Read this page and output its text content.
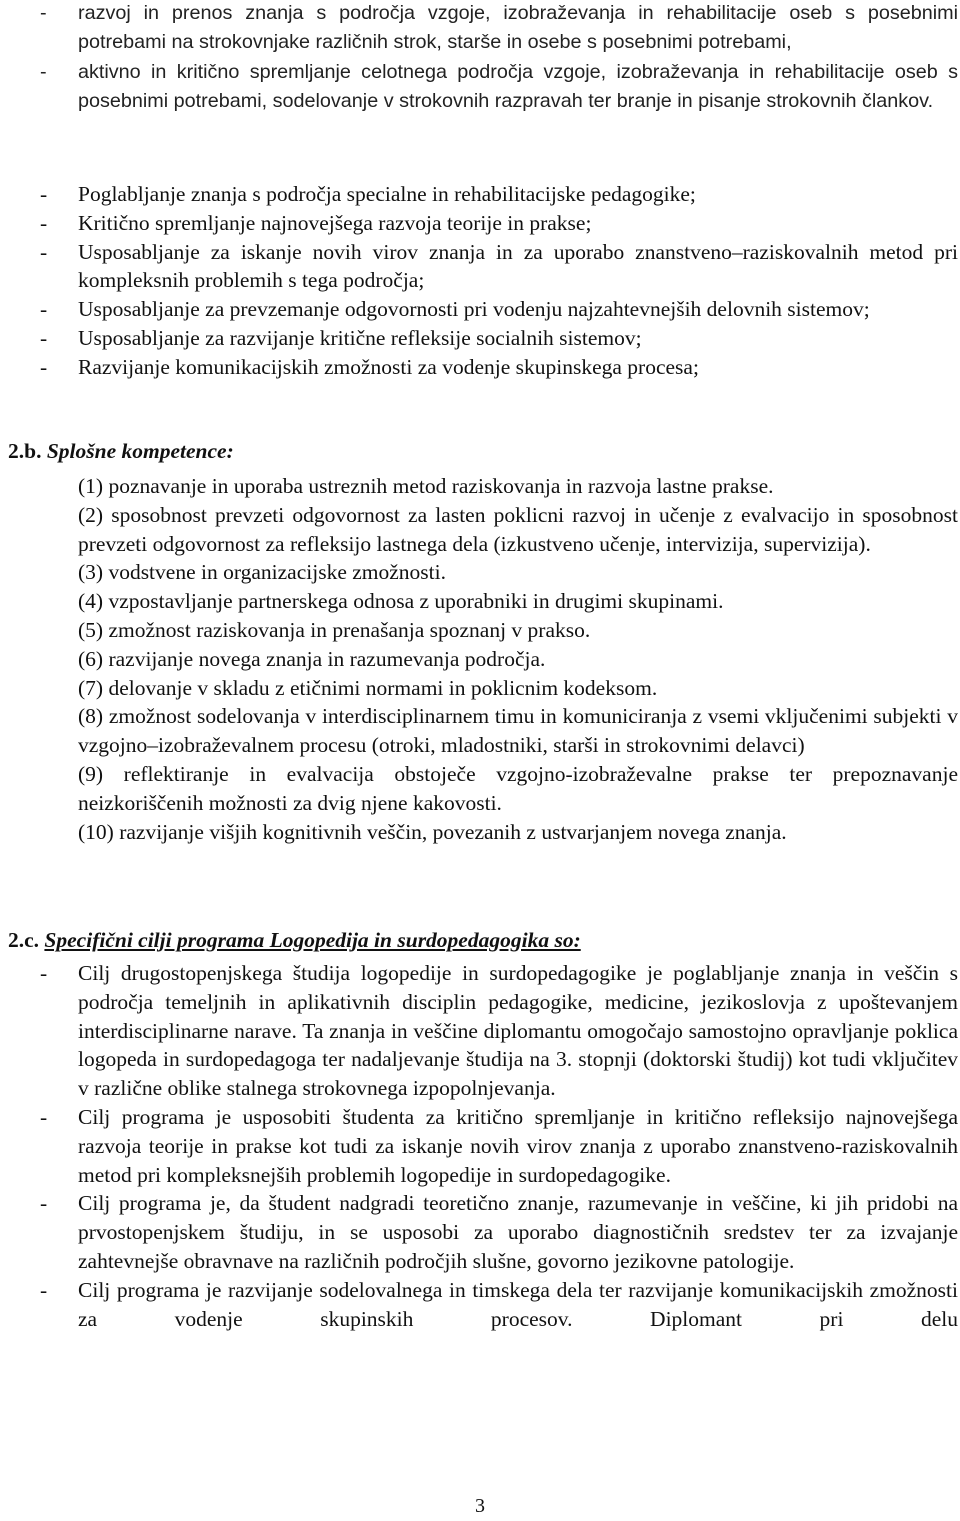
- razvoj in prenos znanja s področja vzgoje, izobraževanja in rehabilitacije oseb s posebnimi potrebami na strokovnjake različnih strok, starše in osebe s posebnimi potrebami,
- aktivno in kritično spremljanje celotnega področja vzgoje, izobraževanja in rehabilitacije oseb s posebnimi potrebami, sodelovanje v strokovnih razpravah ter branje in pisanje strokovnih člankov.
- Poglabljanje znanja s področja specialne in rehabilitacijske pedagogike;
- Kritično spremljanje najnovejšega razvoja teorije in prakse;
- Usposabljanje za iskanje novih virov znanja in za uporabo znanstveno–raziskovalnih metod pri kompleksnih problemih s tega področja;
- Usposabljanje za prevzemanje odgovornosti pri vodenju najzahtevnejših delovnih sistemov;
- Usposabljanje za razvijanje kritične refleksije socialnih sistemov;
- Razvijanje komunikacijskih zmožnosti za vodenje skupinskega procesa;
2.b. Splošne kompetence:
(1) poznavanje in uporaba ustreznih metod raziskovanja in razvoja lastne prakse.
(2) sposobnost prevzeti odgovornost za lasten poklicni razvoj in učenje z evalvacijo in sposobnost prevzeti odgovornost za refleksijo lastnega dela (izkustveno učenje, intervizija, supervizija).
(3) vodstvene in organizacijske zmožnosti.
(4) vzpostavljanje partnerskega odnosa z uporabniki in drugimi skupinami.
(5) zmožnost raziskovanja in prenašanja spoznanj v prakso.
(6) razvijanje novega znanja in razumevanja področja.
(7) delovanje v skladu z etičnimi normami in poklicnim kodeksom.
(8) zmožnost sodelovanja v interdisciplinarnem timu in komuniciranja z vsemi vključenimi subjekti v vzgojno–izobraževalnem procesu (otroki, mladostniki, starši in strokovnimi delavci)
(9) reflektiranje in evalvacija obstoječe vzgojno-izobraževalne prakse ter prepoznavanje neizkoriščenih možnosti za dvig njene kakovosti.
(10) razvijanje višjih kognitivnih veščin, povezanih z ustvarjanjem novega znanja.
2.c. Specifični cilji programa Logopedija in surdopedagogika so:
- Cilj drugostopenjskega študija logopedije in surdopedagogike je poglabljanje znanja in veščin s področja temeljnih in aplikativnih disciplin pedagogike, medicine, jezikoslovja z upoštevanjem interdisciplinarne narave. Ta znanja in veščine diplomantu omogočajo samostojno opravljanje poklica logopeda in surdopedagoga ter nadaljevanje študija na 3. stopnji (doktorski študij) kot tudi vključitev v različne oblike stalnega strokovnega izpopolnjevanja.
- Cilj programa je usposobiti študenta za kritično spremljanje in kritično refleksijo najnovejšega razvoja teorije in prakse kot tudi za iskanje novih virov znanja z uporabo znanstveno-raziskovalnih metod pri kompleksnejših problemih logopedije in surdopedagogike.
- Cilj programa je, da študent nadgradi teoretično znanje, razumevanje in veščine, ki jih pridobi na prvostopenjskem študiju, in se usposobi za uporabo diagnostičnih sredstev ter za izvajanje zahtevnejše obravnave na različnih področjih slušne, govorno jezikovne patologije.
- Cilj programa je razvijanje sodelovalnega in timskega dela ter razvijanje komunikacijskih zmožnosti za vodenje skupinskih procesov. Diplomant pri delu
3
